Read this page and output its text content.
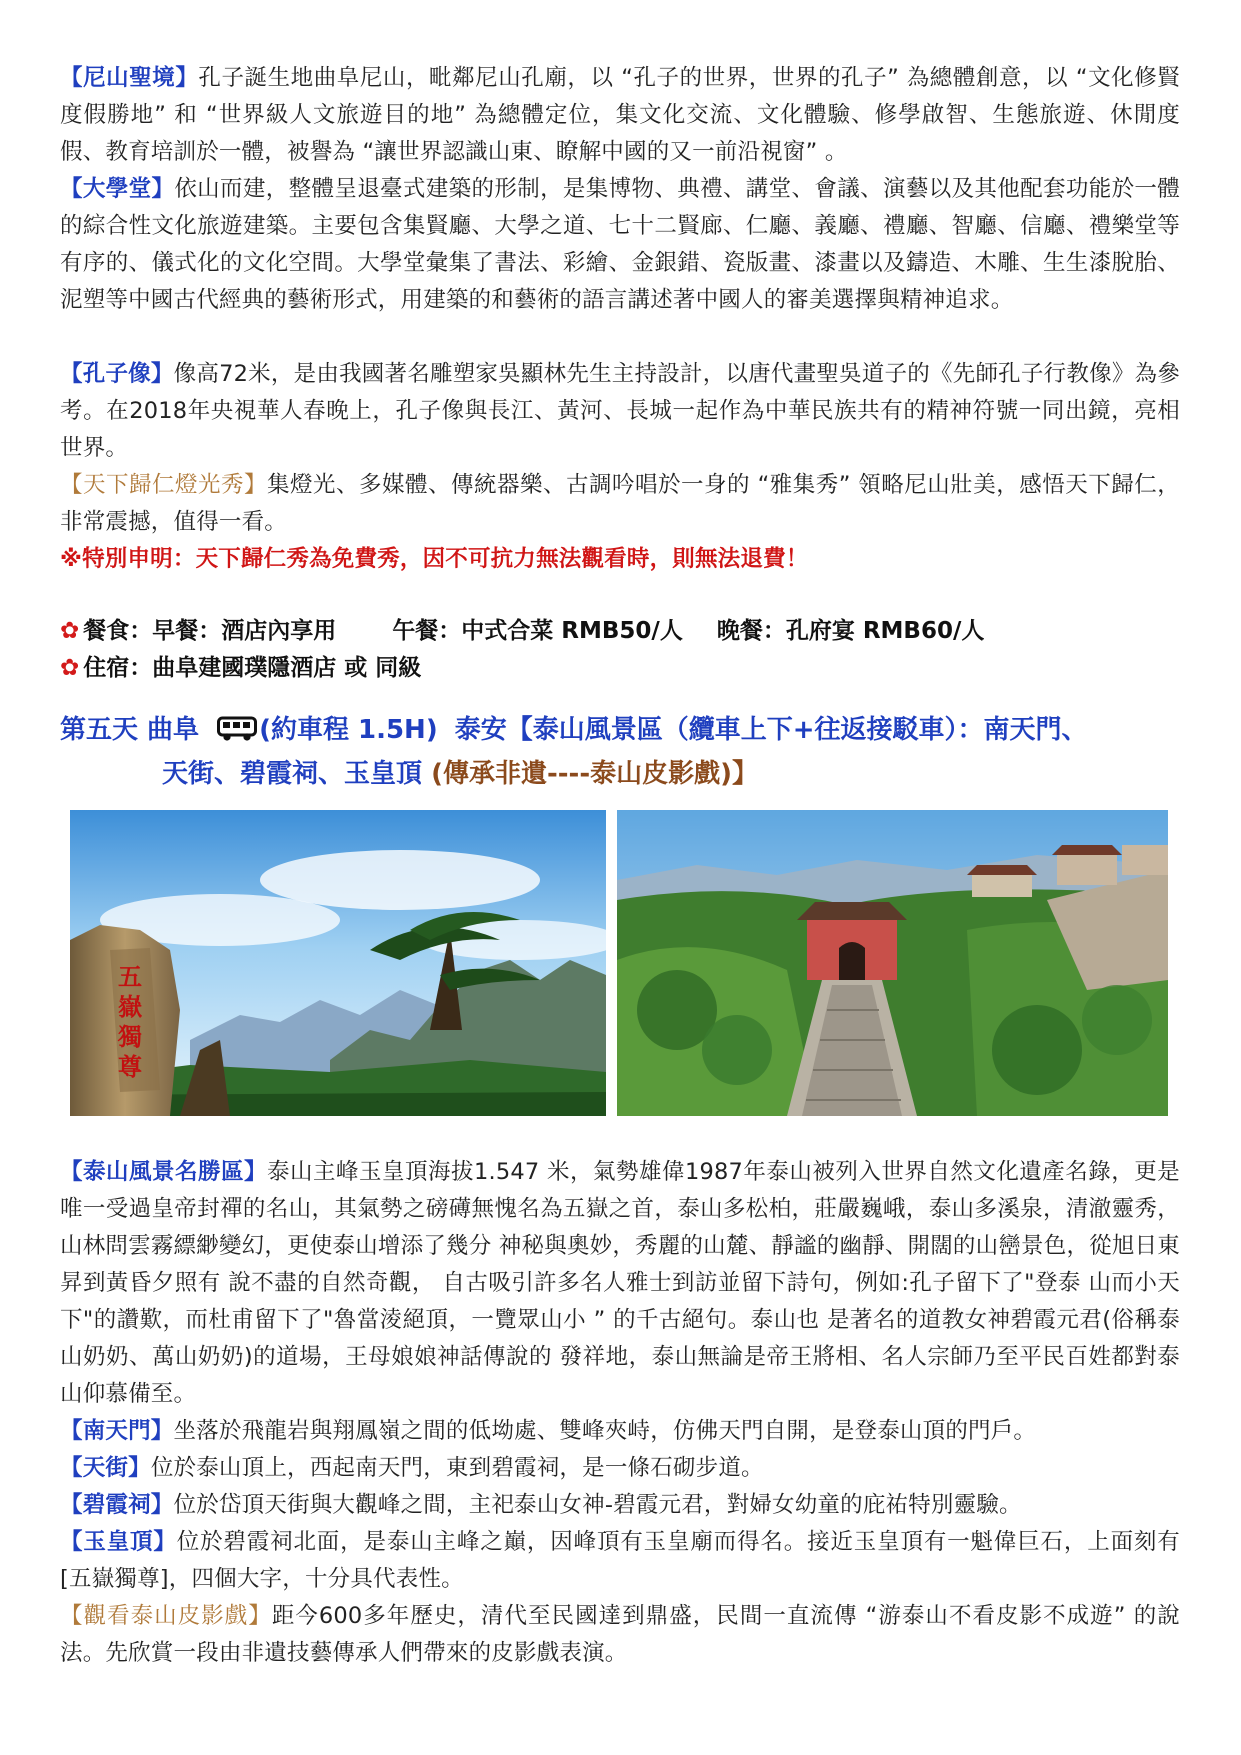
【尼山聖境】孔子誕生地曲阜尼山，毗鄰尼山孔廟，以 “孔子的世界，世界的孔子” 為總體創意，以 “文化修賢度假勝地” 和 “世界級人文旅遊目的地” 為總體定位，集文化交流、文化體驗、修學啟智、生態旅遊、休閒度假、教育培訓於一體，被譽為 “讓世界認識山東、瞭解中國的又一前沿視窗” 。

【大學堂】依山而建，整體呈退臺式建築的形制，是集博物、典禮、講堂、會議、演藝以及其他配套功能於一體的綜合性文化旅遊建築。主要包含集賢廳、大學之道、七十二賢廊、仁廳、義廳、禮廳、智廳、信廳、禮樂堂等有序的、儀式化的文化空間。大學堂彙集了書法、彩繪、金銀錯、瓷版畫、漆畫以及鑄造、木雕、生生漆脫胎、泥塑等中國古代經典的藝術形式，用建築的和藝術的語言講述著中國人的審美選擇與精神追求。

【孔子像】像高72米，是由我國著名雕塑家吳顯林先生主持設計，以唐代畫聖吳道子的《先師孔子行教像》為參考。在2018年央視華人春晚上，孔子像與長江、黃河、長城一起作為中華民族共有的精神符號一同出鏡，亮相世界。

【天下歸仁燈光秀】集燈光、多媒體、傳統器樂、古調吟唱於一身的 “雅集秀” 領略尼山壯美，感悟天下歸仁，非常震撼，值得一看。

※特別申明：天下歸仁秀為免費秀，因不可抗力無法觀看時，則無法退費！

✿ 餐食：早餐：酒店內享用 午餐：中式合菜 RMB50/人 晚餐：孔府宴 RMB60/人
✿ 住宿：曲阜建國璞隱酒店 或 同級
第五天 曲阜 (約車程 1.5H) 泰安【泰山風景區（纜車上下+往返接駁車）：南天門、
天街、碧霞祠、玉皇頂 (傳承非遺----泰山皮影戲)】
五
嶽
獨
尊

【泰山風景名勝區】泰山主峰玉皇頂海拔1.547 米，氣勢雄偉1987年泰山被列入世界自然文化遺產名錄，更是唯一受過皇帝封禪的名山，其氣勢之磅礡無愧名為五嶽之首，泰山多松柏，莊嚴巍峨，泰山多溪泉，清澈靈秀，山林問雲霧縹緲變幻，更使泰山增添了幾分 神秘與奧妙，秀麗的山麓、靜謐的幽靜、開闊的山巒景色，從旭日東昇到黃昏夕照有 說不盡的自然奇觀， 自古吸引許多名人雅士到訪並留下詩句，例如:孔子留下了"登泰 山而小天下"的讚歎，而杜甫留下了"魯當淩絕頂，一覽眾山小 ” 的千古絕句。泰山也 是著名的道教女神碧霞元君(俗稱泰山奶奶、萬山奶奶)的道場，王母娘娘神話傳說的 發祥地，泰山無論是帝王將相、名人宗師乃至平民百姓都對泰山仰慕備至。

【南天門】坐落於飛龍岩與翔鳳嶺之間的低坳處、雙峰夾峙，仿佛天門自開，是登泰山頂的門戶。

【天街】位於泰山頂上，西起南天門，東到碧霞祠，是一條石砌步道。

【碧霞祠】位於岱頂天街與大觀峰之間，主祀泰山女神-碧霞元君，對婦女幼童的庇祐特別靈驗。

【玉皇頂】位於碧霞祠北面，是泰山主峰之巔，因峰頂有玉皇廟而得名。接近玉皇頂有一魁偉巨石，上面刻有[五嶽獨尊]，四個大字，十分具代表性。

【觀看泰山皮影戲】距今600多年歷史，清代至民國達到鼎盛，民間一直流傳 “游泰山不看皮影不成遊” 的說法。先欣賞一段由非遺技藝傳承人們帶來的皮影戲表演。
